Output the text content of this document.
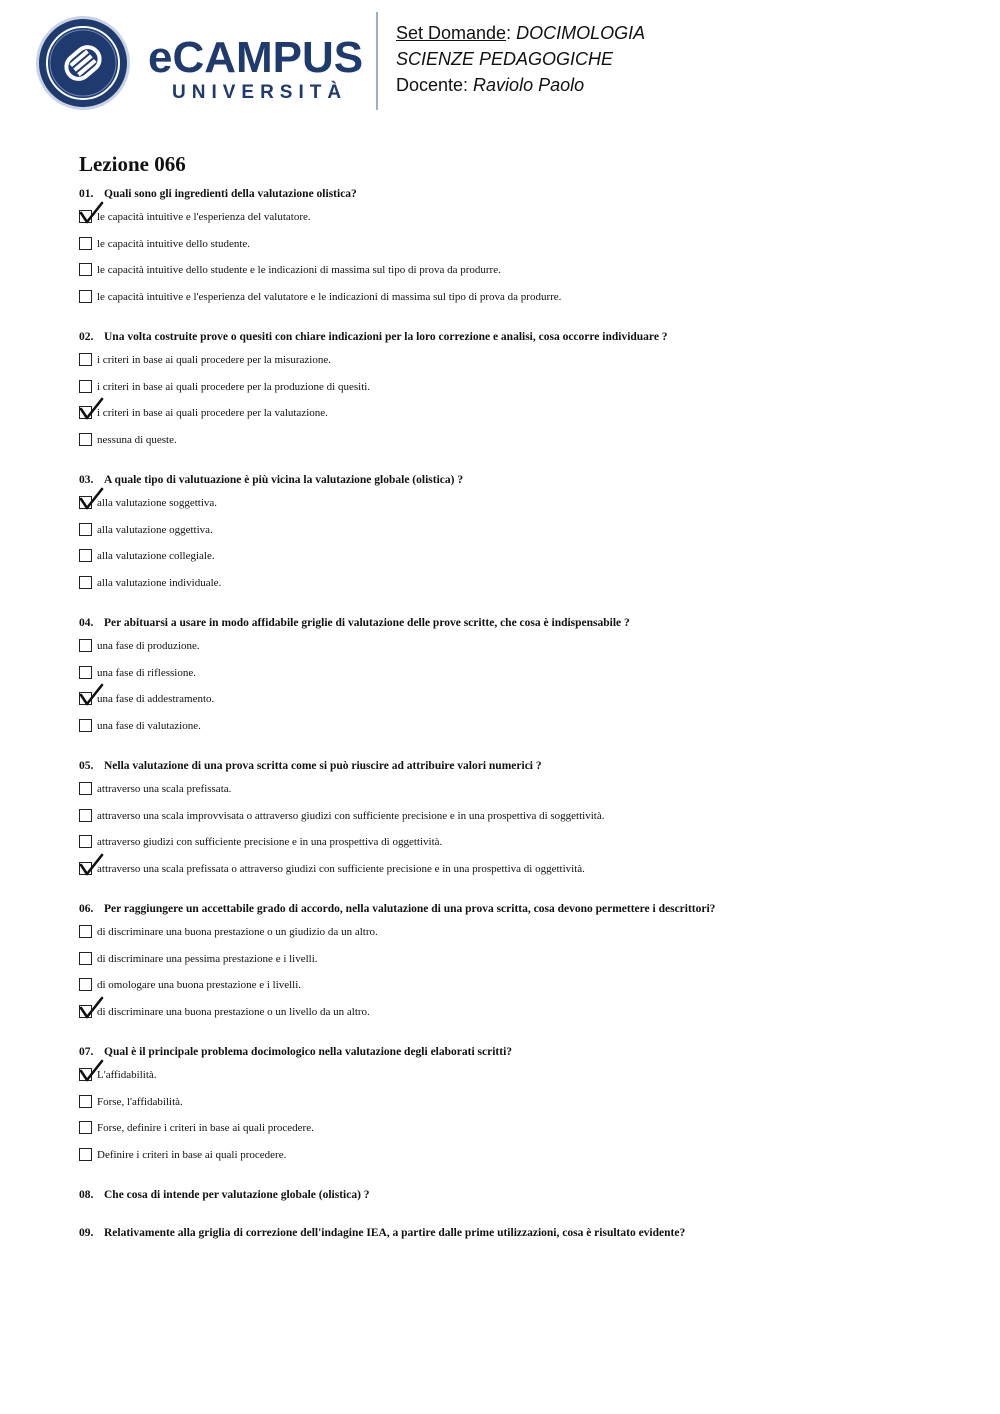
eCAMPUS
UNIVERSITÀ
Set Domande: DOCIMOLOGIA
SCIENZE PEDAGOGICHE
Docente: Raviolo Paolo
Lezione 066
01. Quali sono gli ingredienti della valutazione olistica?
le capacità intuitive e l'esperienza del valutatore.
le capacità intuitive dello studente.
le capacità intuitive dello studente e le indicazioni di massima sul tipo di prova da produrre.
le capacità intuitive e l'esperienza del valutatore e le indicazioni di massima sul tipo di prova da produrre.
02. Una volta costruite prove o quesiti con chiare indicazioni per la loro correzione e analisi, cosa occorre individuare ?
i criteri in base ai quali procedere per la misurazione.
i criteri in base ai quali procedere per la produzione di quesiti.
i criteri in base ai quali procedere per la valutazione.
nessuna di queste.
03. A quale tipo di valutuazione è più vicina la valutazione globale (olistica) ?
alla valutazione soggettiva.
alla valutazione oggettiva.
alla valutazione collegiale.
alla valutazione individuale.
04. Per abituarsi a usare in modo affidabile griglie di valutazione delle prove scritte, che cosa è indispensabile ?
una fase di produzione.
una fase di riflessione.
una fase di addestramento.
una fase di valutazione.
05. Nella valutazione di una prova scritta come si può riuscire ad attribuire valori numerici ?
attraverso una scala prefissata.
attraverso una scala improvvisata o attraverso giudizi con sufficiente precisione e in una prospettiva di soggettività.
attraverso giudizi con sufficiente precisione e in una prospettiva di oggettività.
attraverso una scala prefissata o attraverso giudizi con sufficiente precisione e in una prospettiva di oggettività.
06. Per raggiungere un accettabile grado di accordo, nella valutazione di una prova scritta, cosa devono permettere i descrittori?
di discriminare una buona prestazione o un giudizio da un altro.
di discriminare una pessima prestazione e i livelli.
di omologare una buona prestazione e i livelli.
di discriminare una buona prestazione o un livello da un altro.
07. Qual è il principale problema docimologico nella valutazione degli elaborati scritti?
L'affidabilità.
Forse, l'affidabilità.
Forse, definire i criteri in base ai quali procedere.
Definire i criteri in base ai quali procedere.
08. Che cosa di intende per valutazione globale (olistica) ?
09. Relativamente alla griglia di correzione dell'indagine IEA, a partire dalle prime utilizzazioni, cosa è risultato evidente?
